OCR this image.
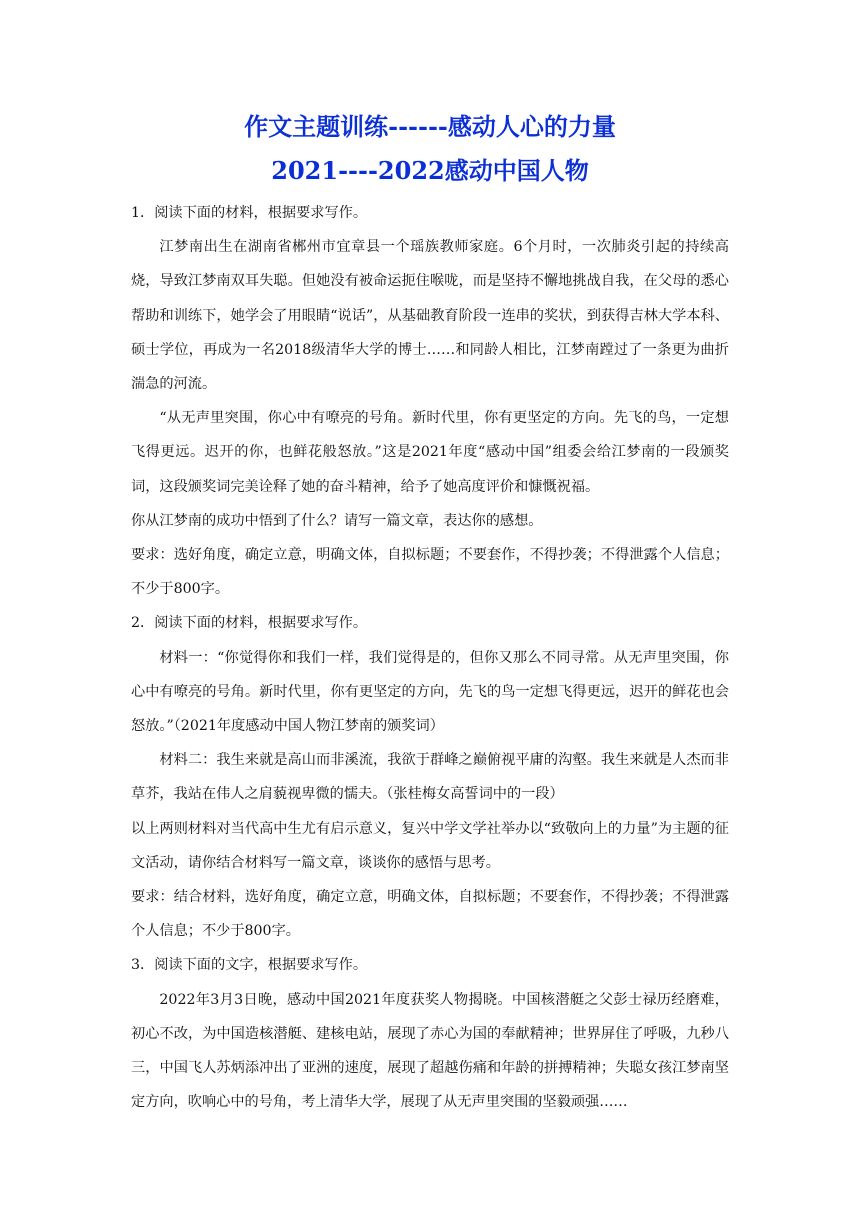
作文主题训练------感动人心的力量
2021----2022感动中国人物

1．阅读下面的材料，根据要求写作。

江梦南出生在湖南省郴州市宜章县一个瑶族教师家庭。6个月时，一次肺炎引起的持续高烧，导致江梦南双耳失聪。但她没有被命运扼住喉咙，而是坚持不懈地挑战自我，在父母的悉心帮助和训练下，她学会了用眼睛“说话”，从基础教育阶段一连串的奖状，到获得吉林大学本科、硕士学位，再成为一名2018级清华大学的博士……和同龄人相比，江梦南蹚过了一条更为曲折湍急的河流。

“从无声里突围，你心中有嘹亮的号角。新时代里，你有更坚定的方向。先飞的鸟，一定想飞得更远。迟开的你，也鲜花般怒放。”这是2021年度“感动中国”组委会给江梦南的一段颁奖词，这段颁奖词完美诠释了她的奋斗精神，给予了她高度评价和慷慨祝福。

你从江梦南的成功中悟到了什么？请写一篇文章，表达你的感想。

要求：选好角度，确定立意，明确文体，自拟标题；不要套作，不得抄袭；不得泄露个人信息；不少于800字。

2．阅读下面的材料，根据要求写作。

材料一：“你觉得你和我们一样，我们觉得是的，但你又那么不同寻常。从无声里突围，你心中有嘹亮的号角。新时代里，你有更坚定的方向，先飞的鸟一定想飞得更远，迟开的鲜花也会怒放。”（2021年度感动中国人物江梦南的颁奖词）

材料二：我生来就是高山而非溪流，我欲于群峰之巅俯视平庸的沟壑。我生来就是人杰而非草芥，我站在伟人之肩藐视卑微的懦夫。（张桂梅女高誓词中的一段）

以上两则材料对当代高中生尤有启示意义，复兴中学文学社举办以“致敬向上的力量”为主题的征文活动，请你结合材料写一篇文章，谈谈你的感悟与思考。

要求：结合材料，选好角度，确定立意，明确文体，自拟标题；不要套作，不得抄袭；不得泄露个人信息；不少于800字。

3．阅读下面的文字，根据要求写作。

2022年3月3日晚，感动中国2021年度获奖人物揭晓。中国核潜艇之父彭士禄历经磨难，初心不改，为中国造核潜艇、建核电站，展现了赤心为国的奉献精神；世界屏住了呼吸，九秒八三，中国飞人苏炳添冲出了亚洲的速度，展现了超越伤痛和年龄的拼搏精神；失聪女孩江梦南坚定方向，吹响心中的号角，考上清华大学，展现了从无声里突围的坚毅顽强……
